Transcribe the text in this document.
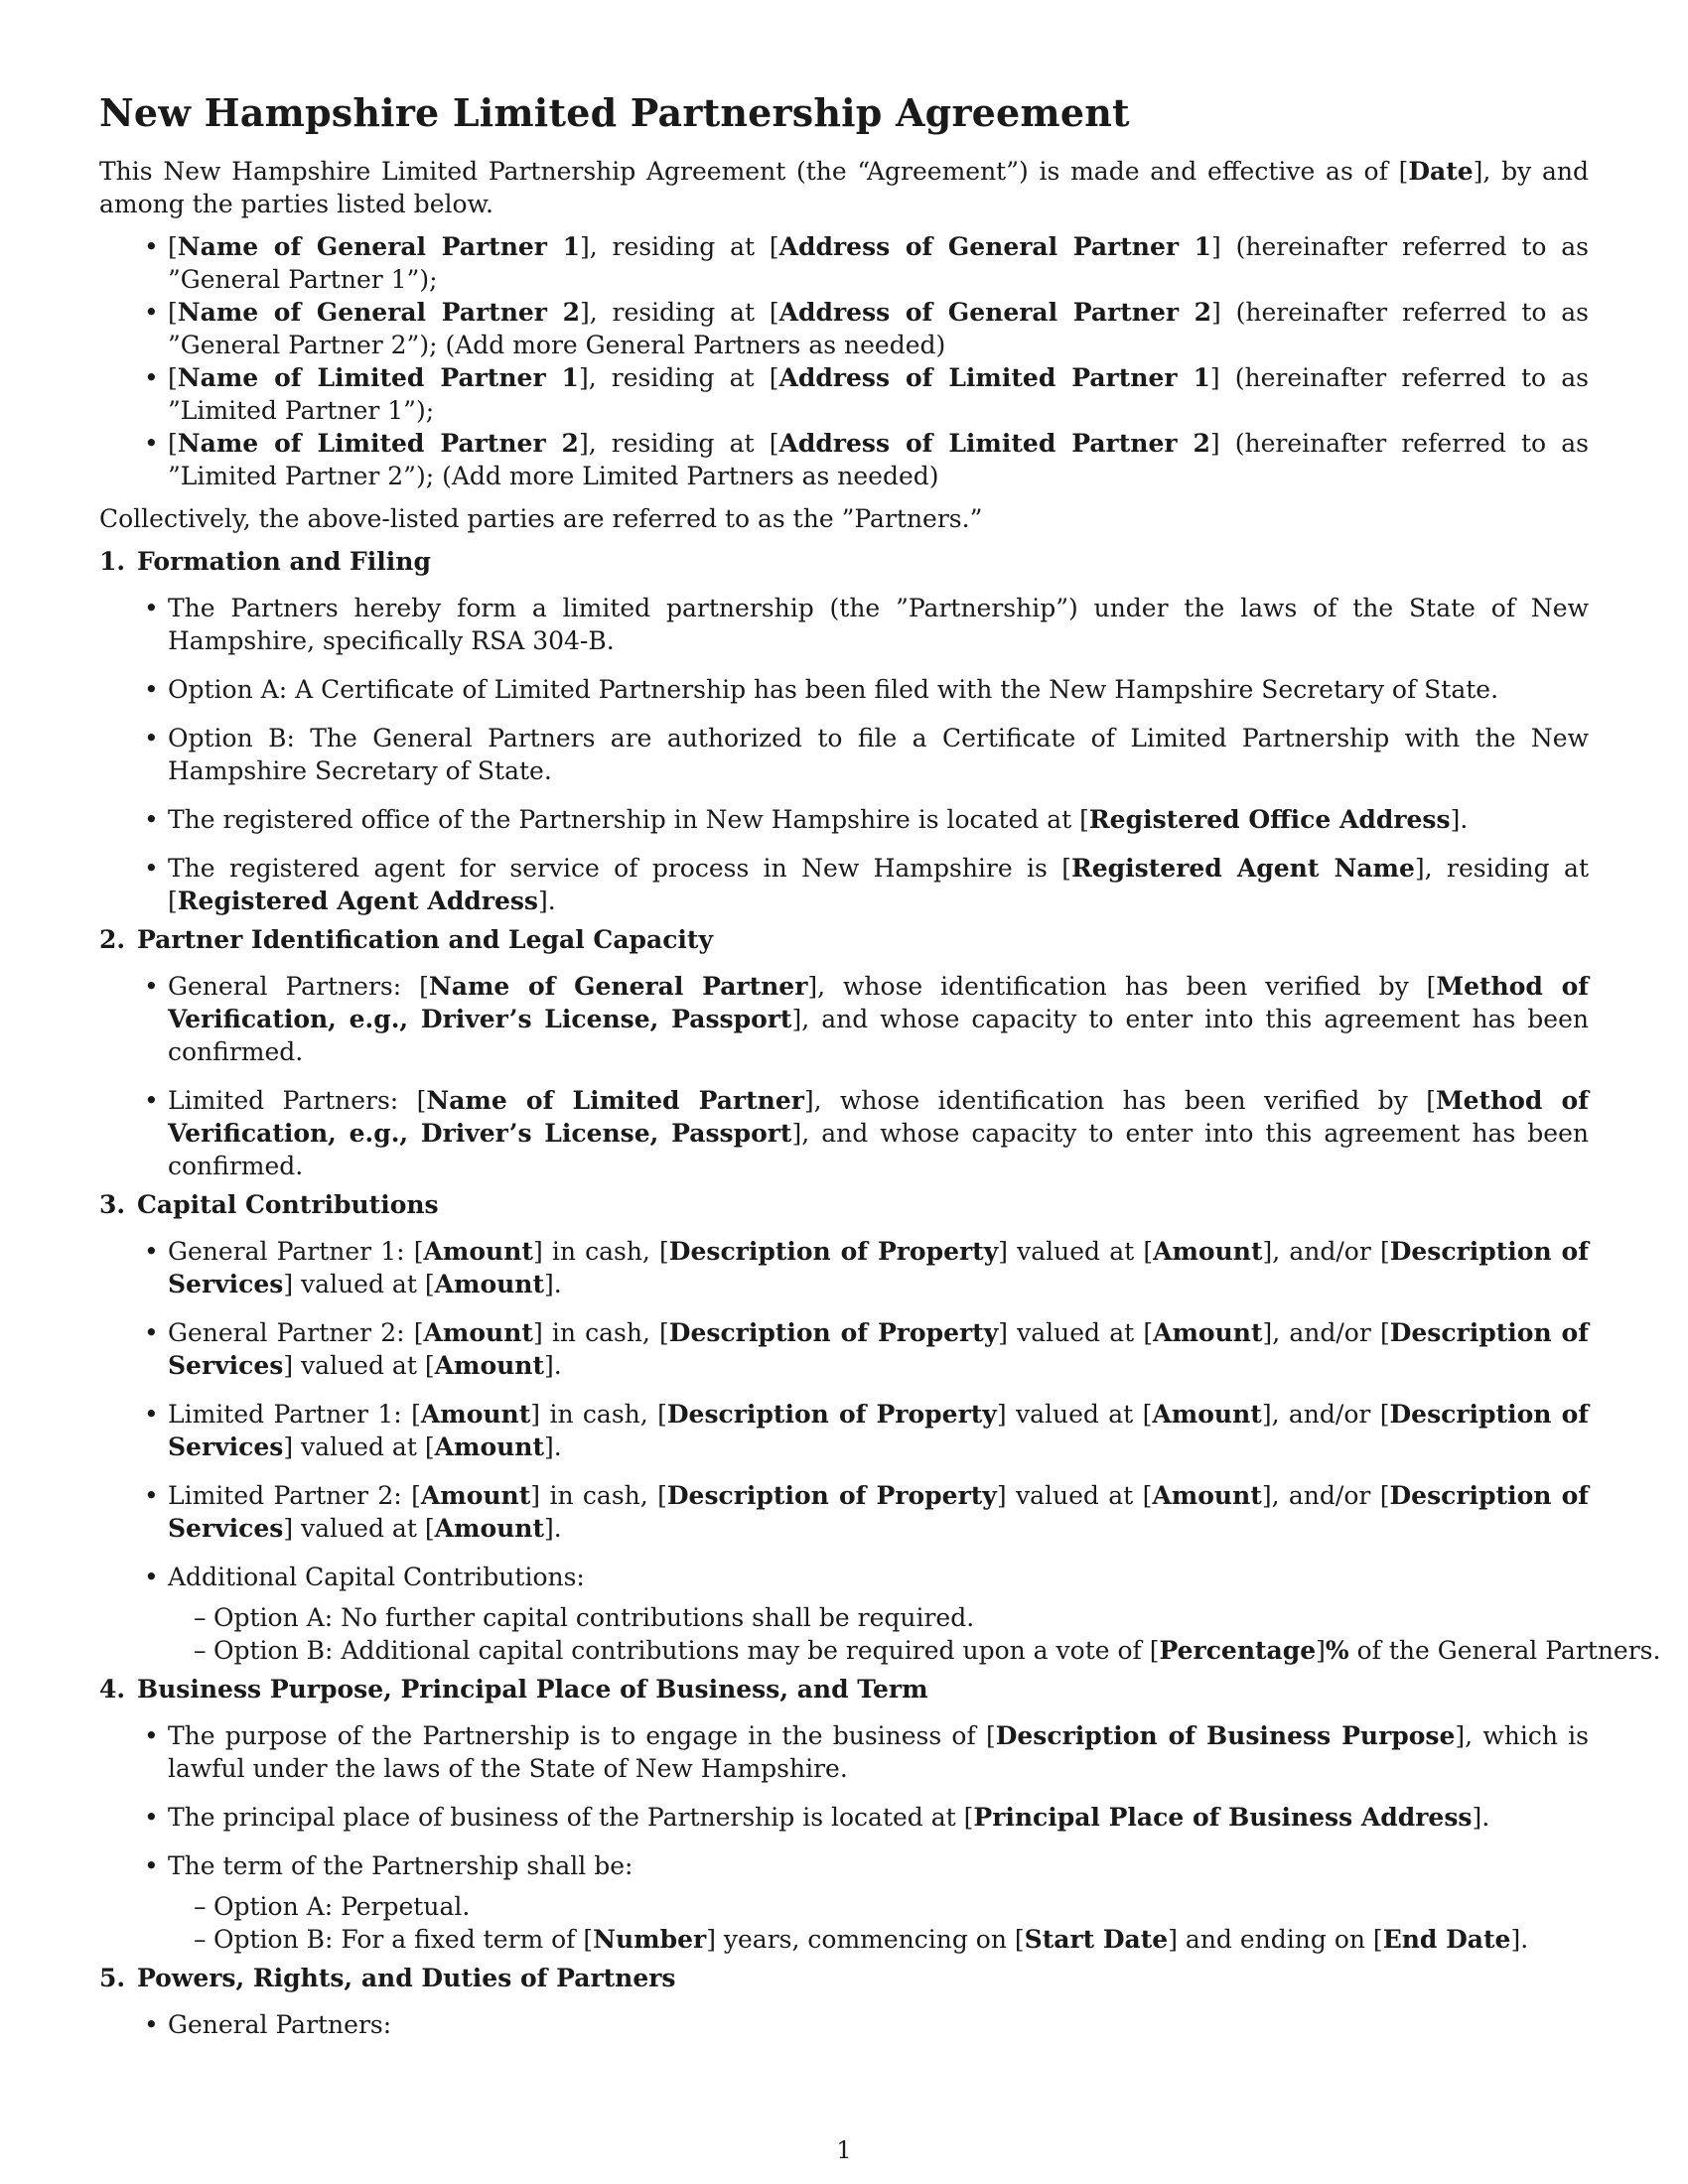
New Hampshire Limited Partnership Agreement

This New Hampshire Limited Partnership Agreement (the “Agreement”) is made and effective as of [Date], by and among the parties listed below.

• [Name of General Partner 1], residing at [Address of General Partner 1] (hereinafter referred to as ”General Partner 1”);
• [Name of General Partner 2], residing at [Address of General Partner 2] (hereinafter referred to as ”General Partner 2”); (Add more General Partners as needed)
• [Name of Limited Partner 1], residing at [Address of Limited Partner 1] (hereinafter referred to as ”Limited Partner 1”);
• [Name of Limited Partner 2], residing at [Address of Limited Partner 2] (hereinafter referred to as ”Limited Partner 2”); (Add more Limited Partners as needed)

Collectively, the above-listed parties are referred to as the ”Partners.”

1. Formation and Filing
• The Partners hereby form a limited partnership (the ”Partnership”) under the laws of the State of New Hampshire, specifically RSA 304-B.
• Option A: A Certificate of Limited Partnership has been filed with the New Hampshire Secretary of State.
• Option B: The General Partners are authorized to file a Certificate of Limited Partnership with the New Hampshire Secretary of State.
• The registered office of the Partnership in New Hampshire is located at [Registered Office Address].
• The registered agent for service of process in New Hampshire is [Registered Agent Name], residing at [Registered Agent Address].
2. Partner Identification and Legal Capacity
• General Partners: [Name of General Partner], whose identification has been verified by [Method of Verification, e.g., Driver’s License, Passport], and whose capacity to enter into this agreement has been confirmed.
• Limited Partners: [Name of Limited Partner], whose identification has been verified by [Method of Verification, e.g., Driver’s License, Passport], and whose capacity to enter into this agreement has been confirmed.
3. Capital Contributions
• General Partner 1: [Amount] in cash, [Description of Property] valued at [Amount], and/or [Description of Services] valued at [Amount].
• General Partner 2: [Amount] in cash, [Description of Property] valued at [Amount], and/or [Description of Services] valued at [Amount].
• Limited Partner 1: [Amount] in cash, [Description of Property] valued at [Amount], and/or [Description of Services] valued at [Amount].
• Limited Partner 2: [Amount] in cash, [Description of Property] valued at [Amount], and/or [Description of Services] valued at [Amount].
• Additional Capital Contributions:
– Option A: No further capital contributions shall be required.
– Option B: Additional capital contributions may be required upon a vote of [Percentage]% of the General Partners.
4. Business Purpose, Principal Place of Business, and Term
• The purpose of the Partnership is to engage in the business of [Description of Business Purpose], which is lawful under the laws of the State of New Hampshire.
• The principal place of business of the Partnership is located at [Principal Place of Business Address].
• The term of the Partnership shall be:
– Option A: Perpetual.
– Option B: For a fixed term of [Number] years, commencing on [Start Date] and ending on [End Date].
5. Powers, Rights, and Duties of Partners
• General Partners:
1
